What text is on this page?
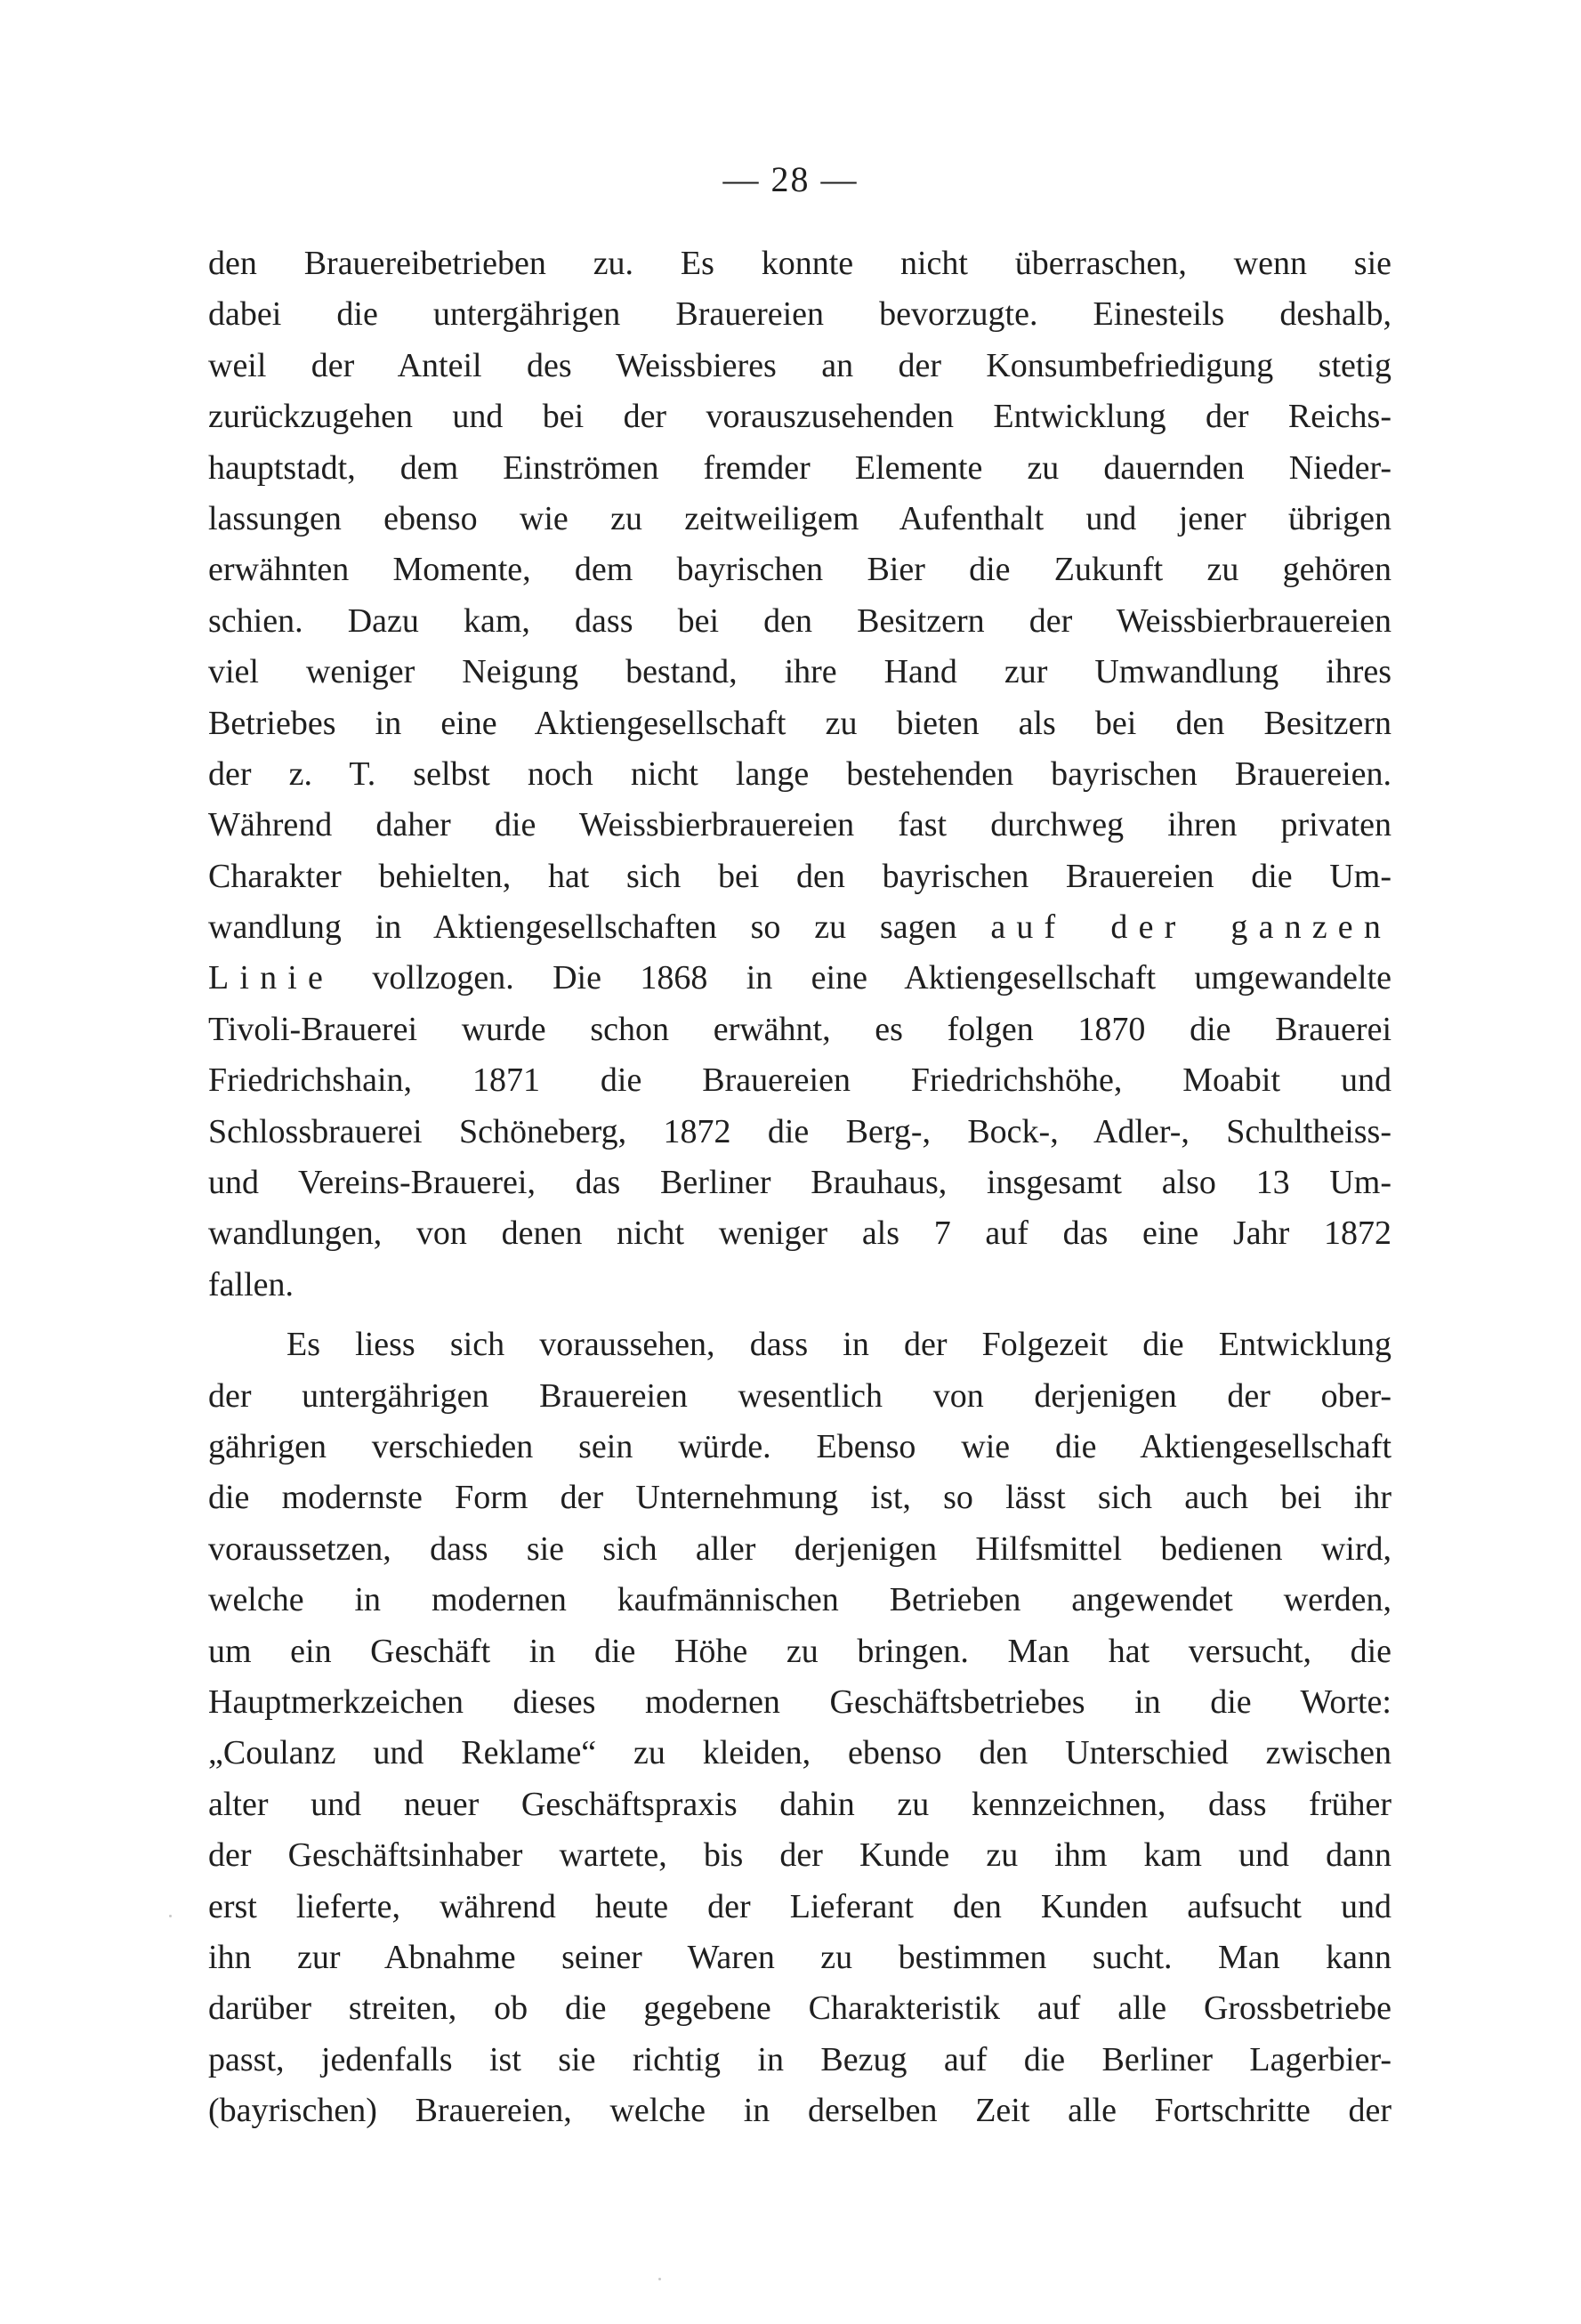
— 28 —
den Brauereibetrieben zu. Es konnte nicht überraschen, wenn sie
dabei die untergährigen Brauereien bevorzugte. Einesteils deshalb,
weil der Anteil des Weissbieres an der Konsumbefriedigung stetig
zurückzugehen und bei der vorauszusehenden Entwicklung der Reichs-
hauptstadt, dem Einströmen fremder Elemente zu dauernden Nieder-
lassungen ebenso wie zu zeitweiligem Aufenthalt und jener übrigen
erwähnten Momente, dem bayrischen Bier die Zukunft zu gehören
schien. Dazu kam, dass bei den Besitzern der Weissbierbrauereien
viel weniger Neigung bestand, ihre Hand zur Umwandlung ihres
Betriebes in eine Aktiengesellschaft zu bieten als bei den Besitzern
der z. T. selbst noch nicht lange bestehenden bayrischen Brauereien.
Während daher die Weissbierbrauereien fast durchweg ihren privaten
Charakter behielten, hat sich bei den bayrischen Brauereien die Um-
wandlung in Aktiengesellschaften so zu sagen auf der ganzen
Linie vollzogen. Die 1868 in eine Aktiengesellschaft umgewandelte
Tivoli-Brauerei wurde schon erwähnt, es folgen 1870 die Brauerei
Friedrichshain, 1871 die Brauereien Friedrichshöhe, Moabit und
Schlossbrauerei Schöneberg, 1872 die Berg-, Bock-, Adler-, Schultheiss-
und Vereins-Brauerei, das Berliner Brauhaus, insgesamt also 13 Um-
wandlungen, von denen nicht weniger als 7 auf das eine Jahr 1872
fallen.
Es liess sich voraussehen, dass in der Folgezeit die Entwicklung
der untergährigen Brauereien wesentlich von derjenigen der ober-
gährigen verschieden sein würde. Ebenso wie die Aktiengesellschaft
die modernste Form der Unternehmung ist, so lässt sich auch bei ihr
voraussetzen, dass sie sich aller derjenigen Hilfsmittel bedienen wird,
welche in modernen kaufmännischen Betrieben angewendet werden,
um ein Geschäft in die Höhe zu bringen. Man hat versucht, die
Hauptmerkzeichen dieses modernen Geschäftsbetriebes in die Worte:
„Coulanz und Reklame“ zu kleiden, ebenso den Unterschied zwischen
alter und neuer Geschäftspraxis dahin zu kennzeichnen, dass früher
der Geschäftsinhaber wartete, bis der Kunde zu ihm kam und dann
erst lieferte, während heute der Lieferant den Kunden aufsucht und
ihn zur Abnahme seiner Waren zu bestimmen sucht. Man kann
darüber streiten, ob die gegebene Charakteristik auf alle Grossbetriebe
passt, jedenfalls ist sie richtig in Bezug auf die Berliner Lagerbier-
(bayrischen) Brauereien, welche in derselben Zeit alle Fortschritte der
